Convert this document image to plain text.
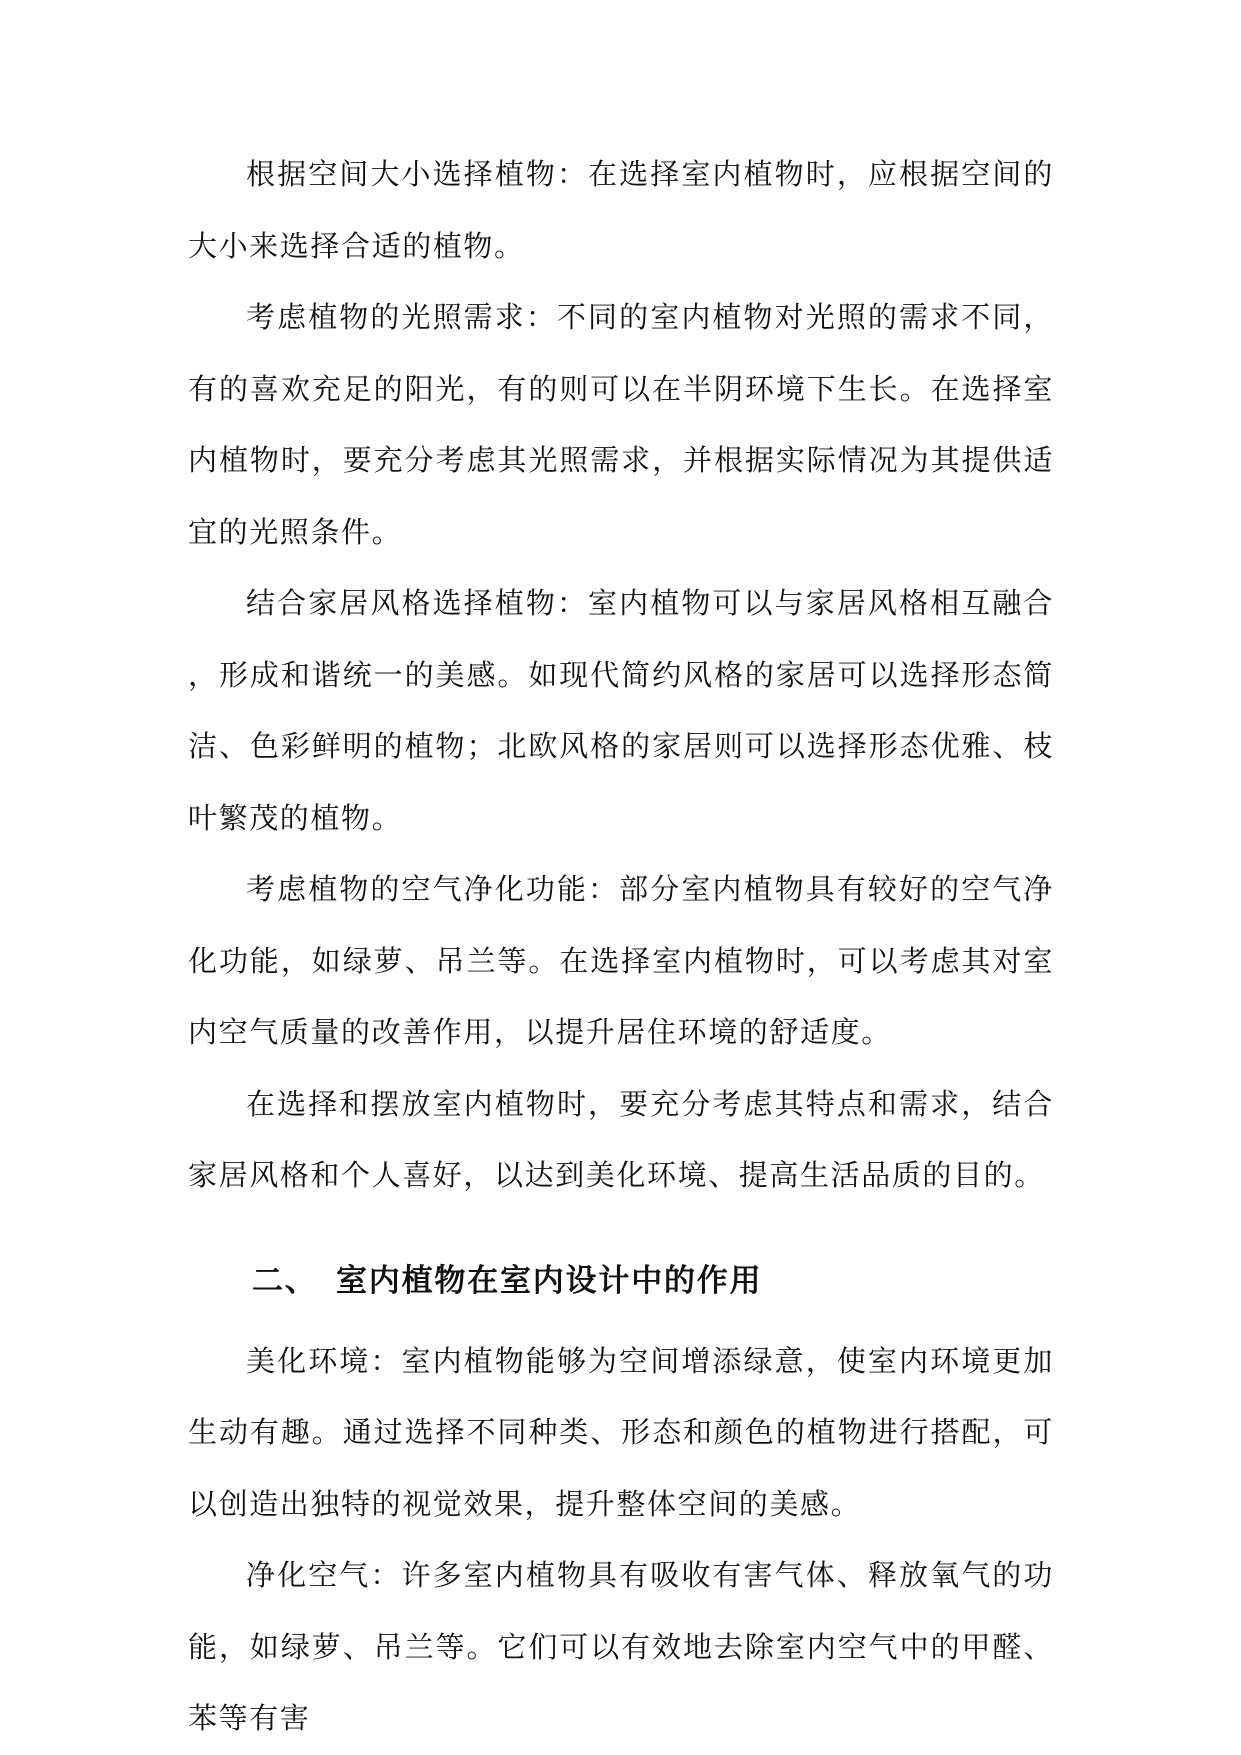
根据空间大小选择植物：在选择室内植物时，应根据空间的大小来选择合适的植物。

考虑植物的光照需求：不同的室内植物对光照的需求不同，有的喜欢充足的阳光，有的则可以在半阴环境下生长。在选择室内植物时，要充分考虑其光照需求，并根据实际情况为其提供适宜的光照条件。

结合家居风格选择植物：室内植物可以与家居风格相互融合，形成和谐统一的美感。如现代简约风格的家居可以选择形态简洁、色彩鲜明的植物；北欧风格的家居则可以选择形态优雅、枝叶繁茂的植物。

考虑植物的空气净化功能：部分室内植物具有较好的空气净化功能，如绿萝、吊兰等。在选择室内植物时，可以考虑其对室内空气质量的改善作用，以提升居住环境的舒适度。

在选择和摆放室内植物时，要充分考虑其特点和需求，结合家居风格和个人喜好，以达到美化环境、提高生活品质的目的。

二、 室内植物在室内设计中的作用

美化环境：室内植物能够为空间增添绿意，使室内环境更加生动有趣。通过选择不同种类、形态和颜色的植物进行搭配，可以创造出独特的视觉效果，提升整体空间的美感。

净化空气：许多室内植物具有吸收有害气体、释放氧气的功能，如绿萝、吊兰等。它们可以有效地去除室内空气中的甲醛、苯等有害
